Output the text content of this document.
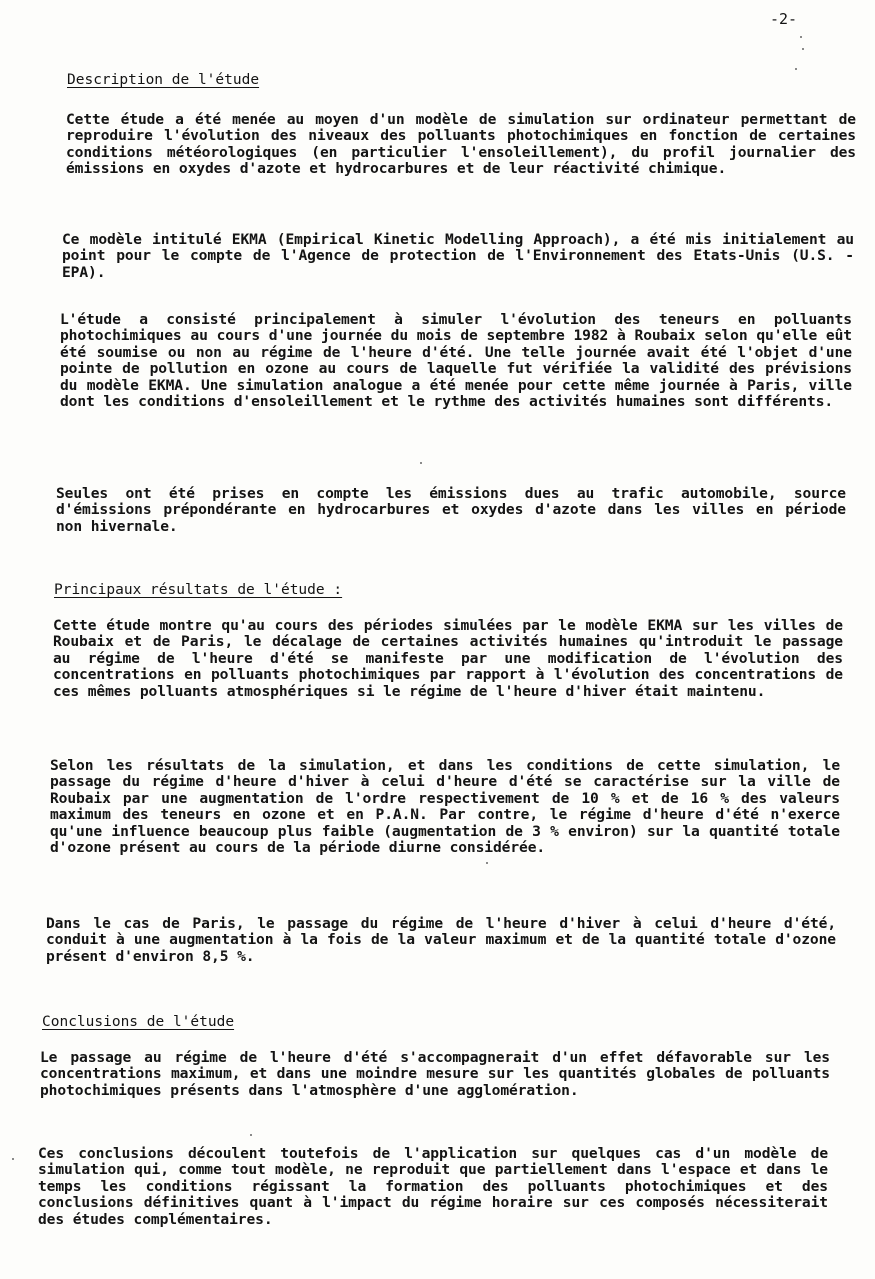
-2-
Description de l'étude
Cette étude a été menée au moyen d'un modèle de simulation sur ordinateur permettant de reproduire l'évolution des niveaux des polluants photochimiques en fonction de certaines conditions météorologiques (en particulier l'ensoleillement), du profil journalier des émissions en oxydes d'azote et hydrocarbures et de leur réactivité chimique.
Ce modèle intitulé EKMA (Empirical Kinetic Modelling Approach), a été mis initialement au point pour le compte de l'Agence de protection de l'Environnement des Etats-Unis (U.S. - EPA).
L'étude a consisté principalement à simuler l'évolution des teneurs en polluants photochimiques au cours d'une journée du mois de septembre 1982 à Roubaix selon qu'elle eût été soumise ou non au régime de l'heure d'été. Une telle journée avait été l'objet d'une pointe de pollution en ozone au cours de laquelle fut vérifiée la validité des prévisions du modèle EKMA. Une simulation analogue a été menée pour cette même journée à Paris, ville dont les conditions d'ensoleillement et le rythme des activités humaines sont différents.
Seules ont été prises en compte les émissions dues au trafic automobile, source d'émissions prépondérante en hydrocarbures et oxydes d'azote dans les villes en période non hivernale.
Principaux résultats de l'étude :
Cette étude montre qu'au cours des périodes simulées par le modèle EKMA sur les villes de Roubaix et de Paris, le décalage de certaines activités humaines qu'introduit le passage au régime de l'heure d'été se manifeste par une modification de l'évolution des concentrations en polluants photochimiques par rapport à l'évolution des concentrations de ces mêmes polluants atmosphériques si le régime de l'heure d'hiver était maintenu.
Selon les résultats de la simulation, et dans les conditions de cette simulation, le passage du régime d'heure d'hiver à celui d'heure d'été se caractérise sur la ville de Roubaix par une augmentation de l'ordre respectivement de 10 % et de 16 % des valeurs maximum des teneurs en ozone et en P.A.N. Par contre, le régime d'heure d'été n'exerce qu'une influence beaucoup plus faible (augmentation de 3 % environ) sur la quantité totale d'ozone présent au cours de la période diurne considérée.
Dans le cas de Paris, le passage du régime de l'heure d'hiver à celui d'heure d'été, conduit à une augmentation à la fois de la valeur maximum et de la quantité totale d'ozone présent d'environ 8,5 %.
Conclusions de l'étude
Le passage au régime de l'heure d'été s'accompagnerait d'un effet défavorable sur les concentrations maximum, et dans une moindre mesure sur les quantités globales de polluants photochimiques présents dans l'atmosphère d'une agglomération.
Ces conclusions découlent toutefois de l'application sur quelques cas d'un modèle de simulation qui, comme tout modèle, ne reproduit que partiellement dans l'espace et dans le temps les conditions régissant la formation des polluants photochimiques et des conclusions définitives quant à l'impact du régime horaire sur ces composés nécessiterait des études complémentaires.
